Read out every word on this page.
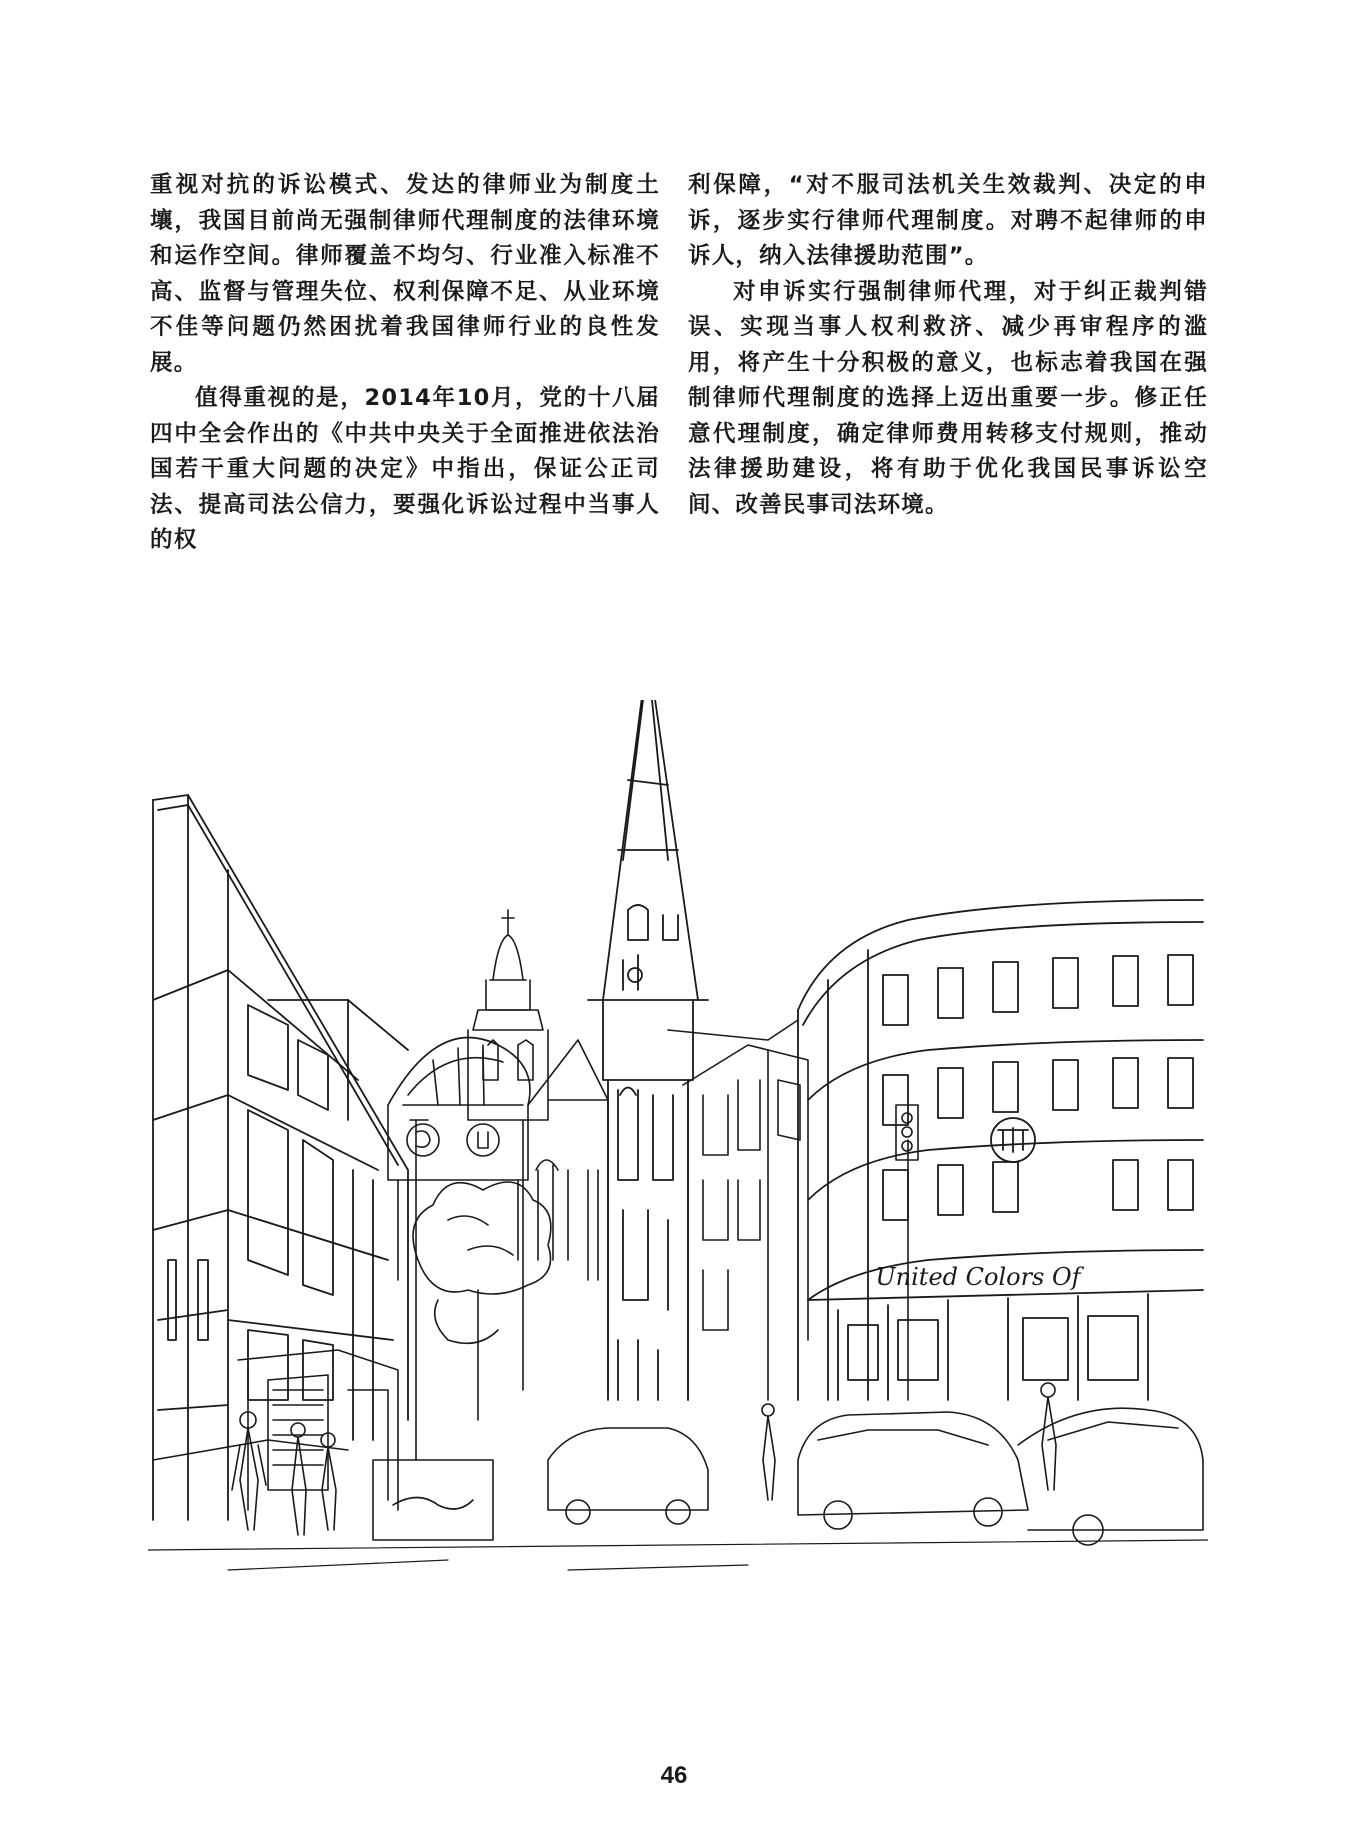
重视对抗的诉讼模式、发达的律师业为制度土壤，我国目前尚无强制律师代理制度的法律环境和运作空间。律师覆盖不均匀、行业准入标准不高、监督与管理失位、权利保障不足、从业环境不佳等问题仍然困扰着我国律师行业的良性发展。

值得重视的是，2014年10月，党的十八届四中全会作出的《中共中央关于全面推进依法治国若干重大问题的决定》中指出，保证公正司法、提高司法公信力，要强化诉讼过程中当事人的权

利保障，“对不服司法机关生效裁判、决定的申诉，逐步实行律师代理制度。对聘不起律师的申诉人，纳入法律援助范围”。

对申诉实行强制律师代理，对于纠正裁判错误、实现当事人权利救济、减少再审程序的滥用，将产生十分积极的意义，也标志着我国在强制律师代理制度的选择上迈出重要一步。修正任意代理制度，确定律师费用转移支付规则，推动法律援助建设，将有助于优化我国民事诉讼空间、改善民事司法环境。

United Colors Of
46
